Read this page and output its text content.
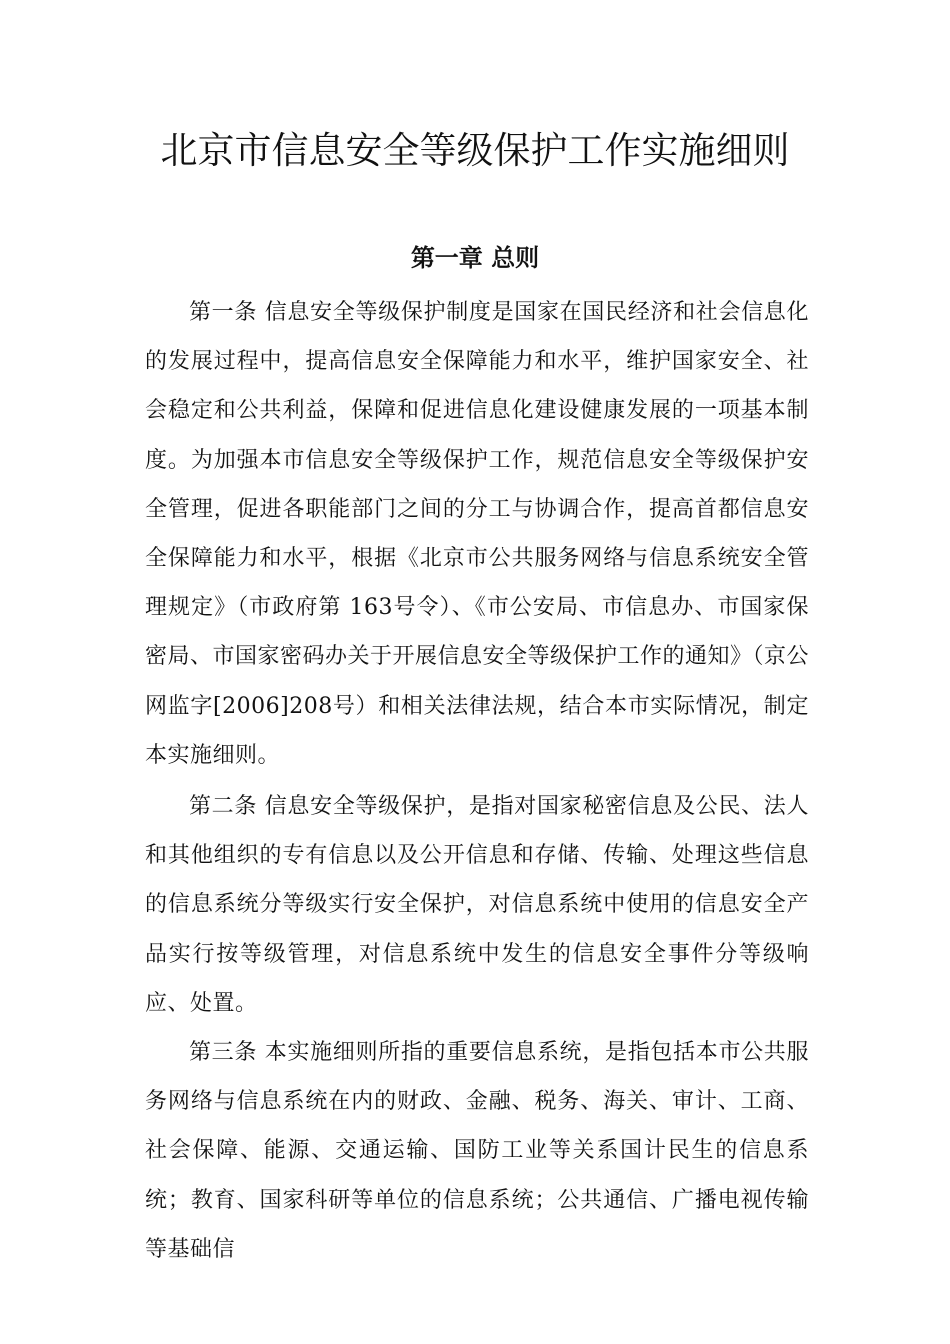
北京市信息安全等级保护工作实施细则
第一章 总则

第一条 信息安全等级保护制度是国家在国民经济和社会信息化的发展过程中，提高信息安全保障能力和水平，维护国家安全、社会稳定和公共利益，保障和促进信息化建设健康发展的一项基本制度。为加强本市信息安全等级保护工作，规范信息安全等级保护安全管理，促进各职能部门之间的分工与协调合作，提高首都信息安全保障能力和水平，根据《北京市公共服务网络与信息系统安全管理规定》（市政府第 163号令）、《市公安局、市信息办、市国家保密局、市国家密码办关于开展信息安全等级保护工作的通知》（京公网监字[2006]208号）和相关法律法规，结合本市实际情况，制定本实施细则。

第二条 信息安全等级保护，是指对国家秘密信息及公民、法人和其他组织的专有信息以及公开信息和存储、传输、处理这些信息的信息系统分等级实行安全保护，对信息系统中使用的信息安全产品实行按等级管理，对信息系统中发生的信息安全事件分等级响应、处置。

第三条 本实施细则所指的重要信息系统，是指包括本市公共服务网络与信息系统在内的财政、金融、税务、海关、审计、工商、社会保障、能源、交通运输、国防工业等关系国计民生的信息系统；教育、国家科研等单位的信息系统；公共通信、广播电视传输等基础信
